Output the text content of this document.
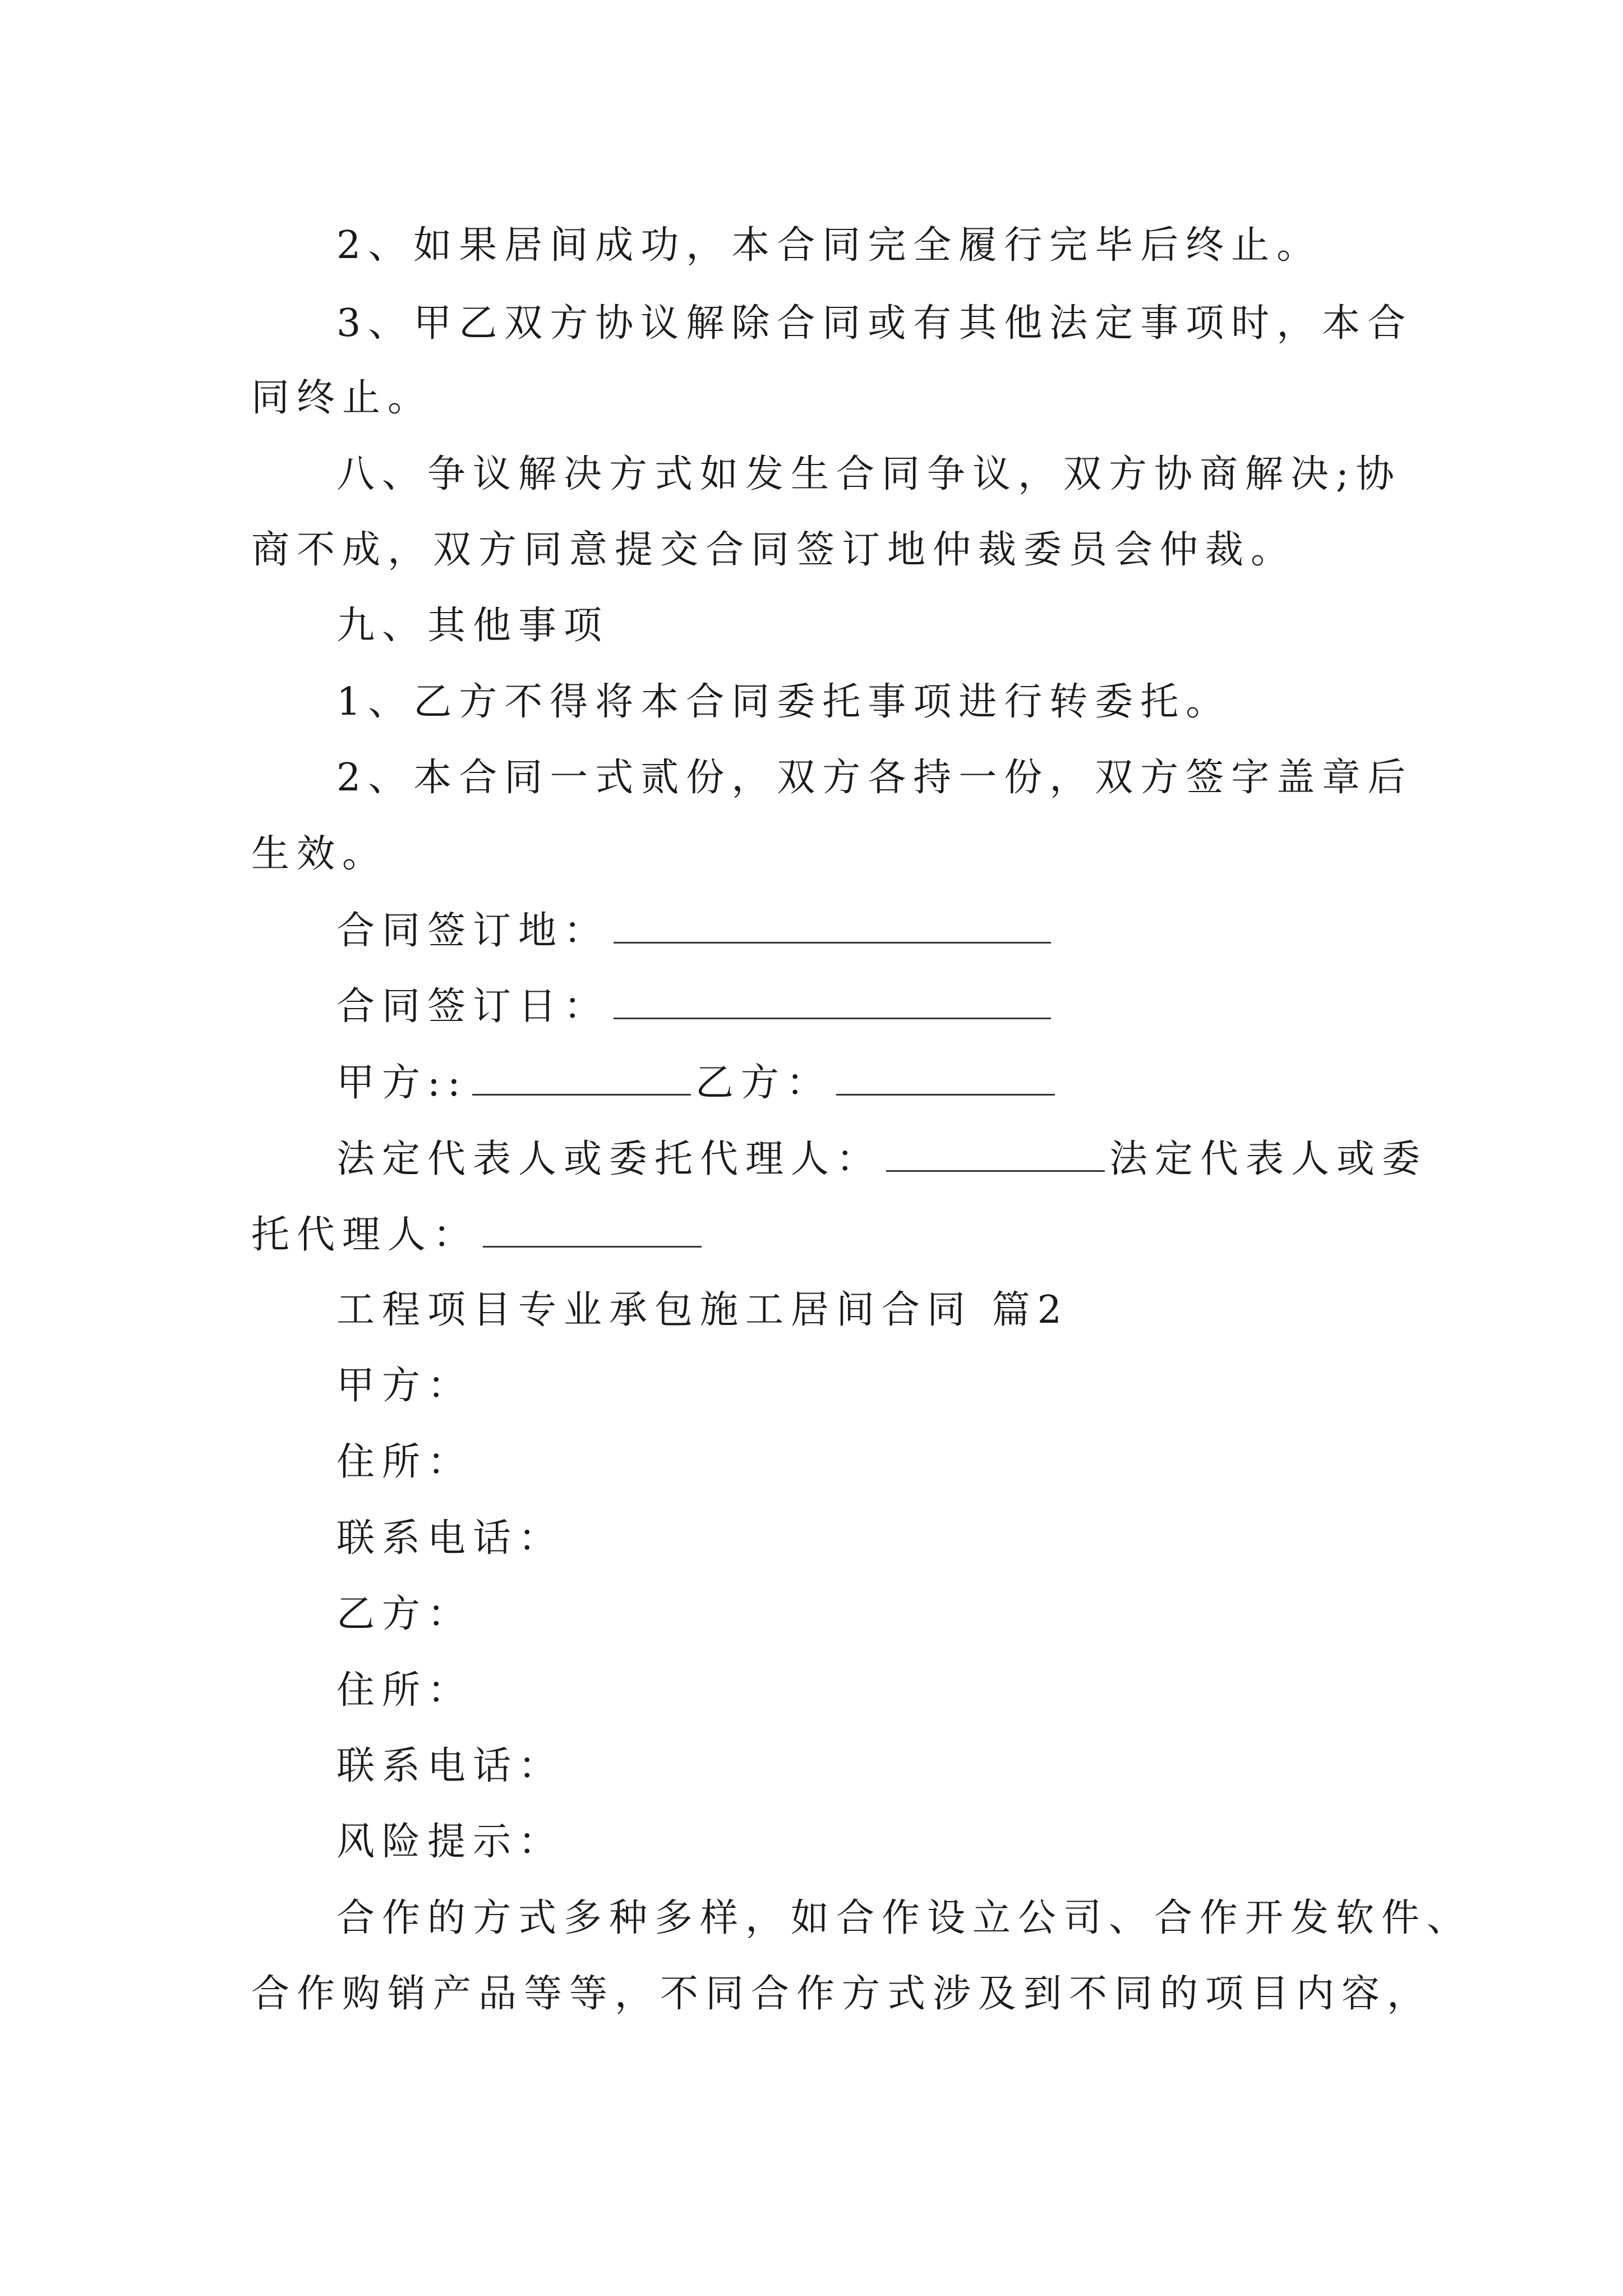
2、如果居间成功，本合同完全履行完毕后终止。
3、甲乙双方协议解除合同或有其他法定事项时，本合
同终止。
八、争议解决方式如发生合同争议，双方协商解决;协
商不成，双方同意提交合同签订地仲裁委员会仲裁。
九、其他事项
1、乙方不得将本合同委托事项进行转委托。
2、本合同一式贰份，双方各持一份，双方签字盖章后
生效。
合同签订地：
合同签订日：
甲方::	乙方：
法定代表人或委托代理人：	法定代表人或委
托代理人：
工程项目专业承包施工居间合同 篇2
甲方：
住所：
联系电话：
乙方：
住所：
联系电话：
风险提示：
合作的方式多种多样，如合作设立公司、合作开发软件、
合作购销产品等等，不同合作方式涉及到不同的项目内容，
